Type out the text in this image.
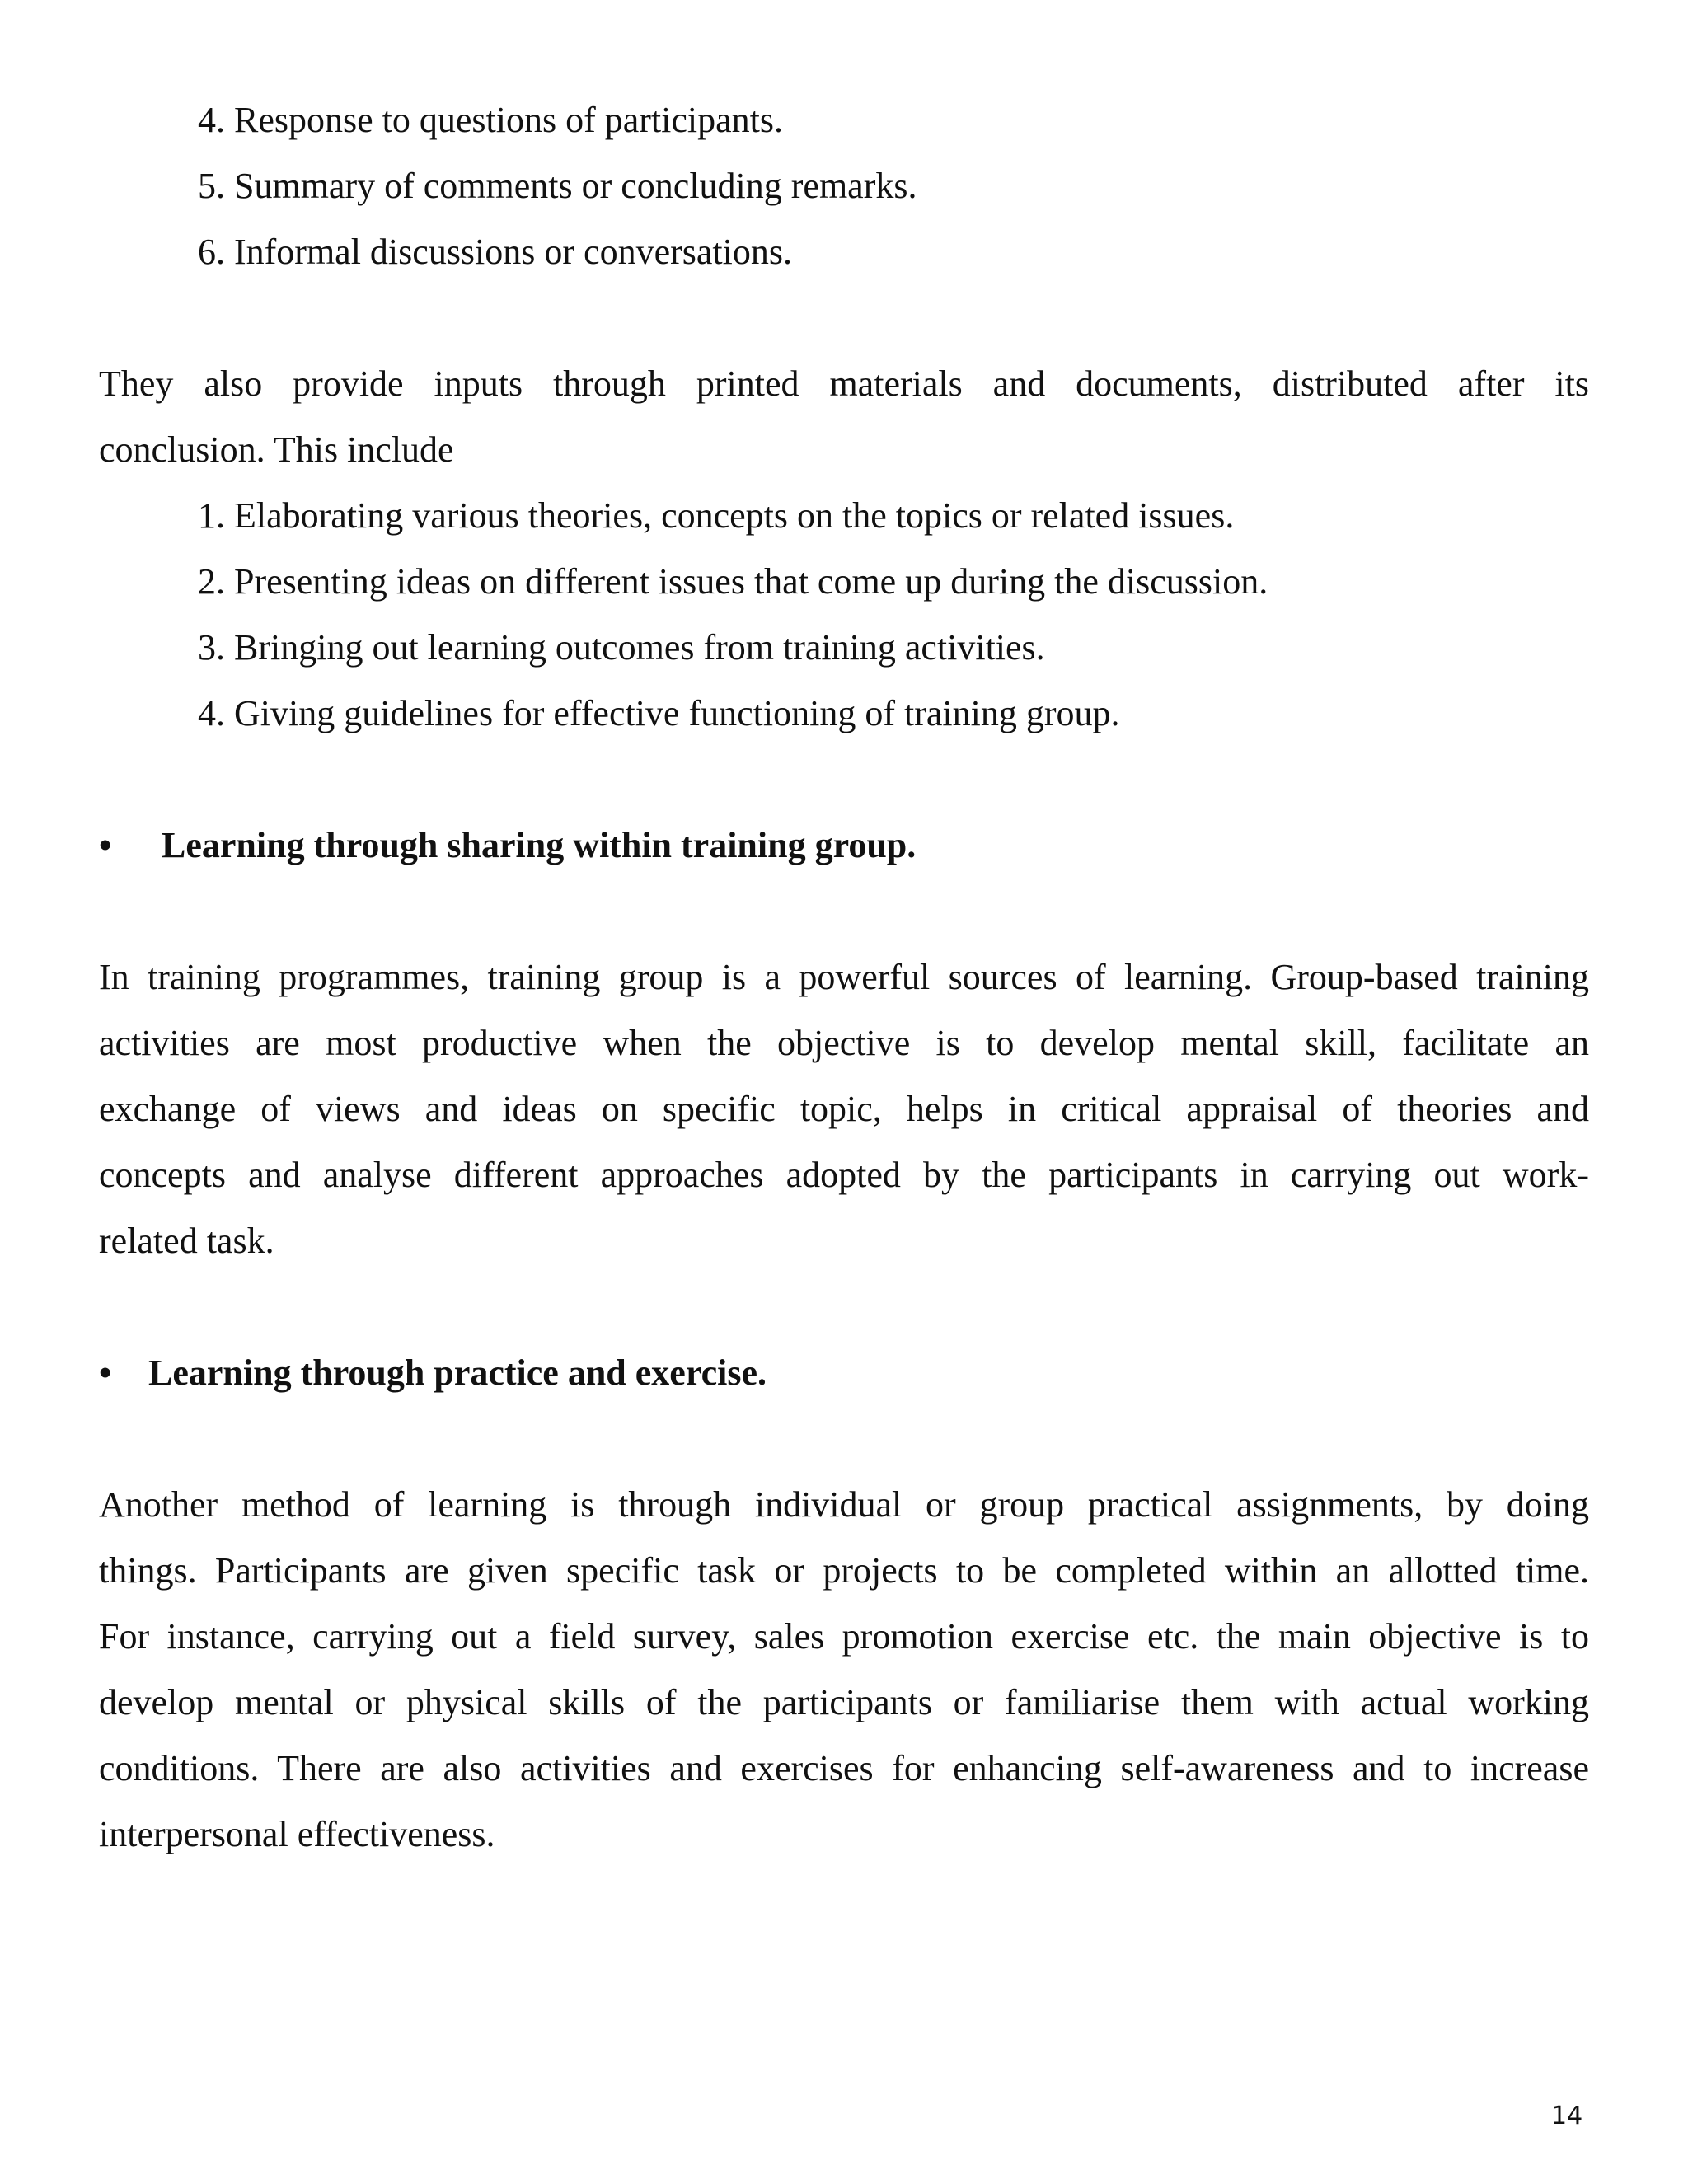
4. Response to questions of participants.
5. Summary of comments or concluding remarks.
6. Informal discussions or conversations.
They also provide inputs through printed materials and documents, distributed after its
conclusion. This include
1. Elaborating various theories, concepts on the topics or related issues.
2. Presenting ideas on different issues that come up during the discussion.
3. Bringing out learning outcomes from training activities.
4. Giving guidelines for effective functioning of training group.
• Learning through sharing within training group.
In training programmes, training group is a powerful sources of learning. Group-based training
activities are most productive when the objective is to develop mental skill, facilitate an
exchange of views and ideas on specific topic, helps in critical appraisal of theories and
concepts and analyse different approaches adopted by the participants in carrying out work-
related task.
• Learning through practice and exercise.
Another method of learning is through individual or group practical assignments, by doing
things. Participants are given specific task or projects to be completed within an allotted time.
For instance, carrying out a field survey, sales promotion exercise etc. the main objective is to
develop mental or physical skills of the participants or familiarise them with actual working
conditions. There are also activities and exercises for enhancing self-awareness and to increase
interpersonal effectiveness.
14
